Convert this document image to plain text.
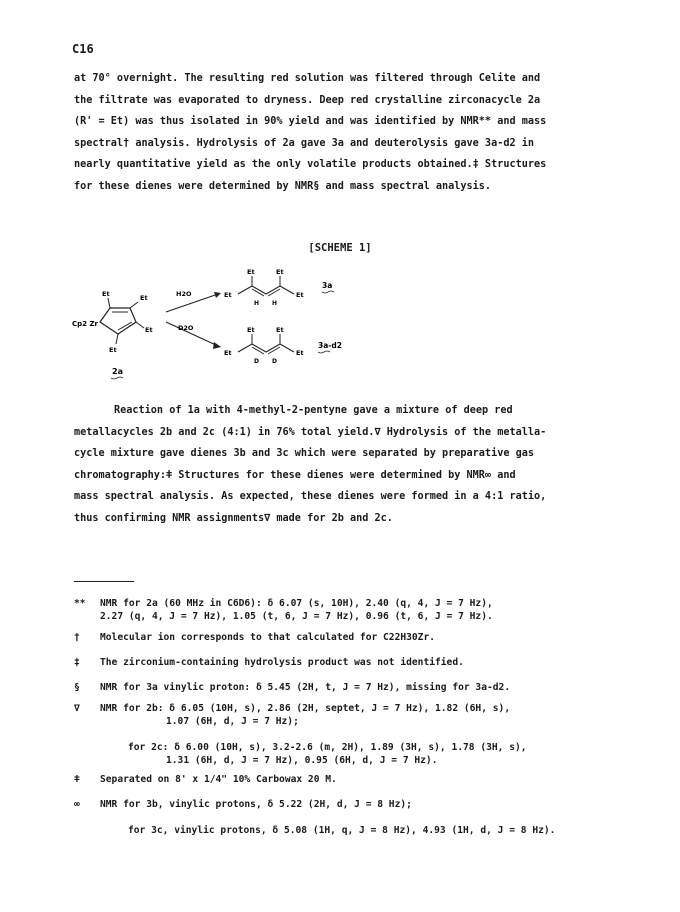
C16
at 70° overnight. The resulting red solution was filtered through Celite and
the filtrate was evaporated to dryness. Deep red crystalline zirconacycle 2a
(R' = Et) was thus isolated in 90% yield and was identified by NMR** and mass
spectral† analysis. Hydrolysis of 2a gave 3a and deuterolysis gave 3a-d2 in
nearly quantitative yield as the only volatile products obtained.‡ Structures
for these dienes were determined by NMR§ and mass spectral analysis.
[SCHEME 1]
Cp2 Zr
Et	Et
Et
Et
2a
H2O
D2O
Et
Et	Et
Et
H H
3a
Et
Et	Et
Et
D D
3a-d2
Reaction of 1a with 4-methyl-2-pentyne gave a mixture of deep red
metallacycles 2b and 2c (4:1) in 76% total yield.∇ Hydrolysis of the metalla-
cycle mixture gave dienes 3b and 3c which were separated by preparative gas
chromatography:ǂ Structures for these dienes were determined by NMR∞ and
mass spectral analysis. As expected, these dienes were formed in a 4:1 ratio,
thus confirming NMR assignments∇ made for 2b and 2c.
**	NMR for 2a (60 MHz in C6D6): δ 6.07 (s, 10H), 2.40 (q, 4, J = 7 Hz),
2.27 (q, 4, J = 7 Hz), 1.05 (t, 6, J = 7 Hz), 0.96 (t, 6, J = 7 Hz).
†	Molecular ion corresponds to that calculated for C22H30Zr.
‡	The zirconium-containing hydrolysis product was not identified.
§	NMR for 3a vinylic proton: δ 5.45 (2H, t, J = 7 Hz), missing for 3a-d2.
∇	NMR for 2b: δ 6.05 (10H, s), 2.86 (2H, septet, J = 7 Hz), 1.82 (6H, s),
1.07 (6H, d, J = 7 Hz);
for 2c: δ 6.00 (10H, s), 3.2-2.6 (m, 2H), 1.89 (3H, s), 1.78 (3H, s),
1.31 (6H, d, J = 7 Hz), 0.95 (6H, d, J = 7 Hz).
ǂ	Separated on 8' x 1/4" 10% Carbowax 20 M.
∞	NMR for 3b, vinylic protons, δ 5.22 (2H, d, J = 8 Hz);
for 3c, vinylic protons, δ 5.08 (1H, q, J = 8 Hz), 4.93 (1H, d, J = 8 Hz).
